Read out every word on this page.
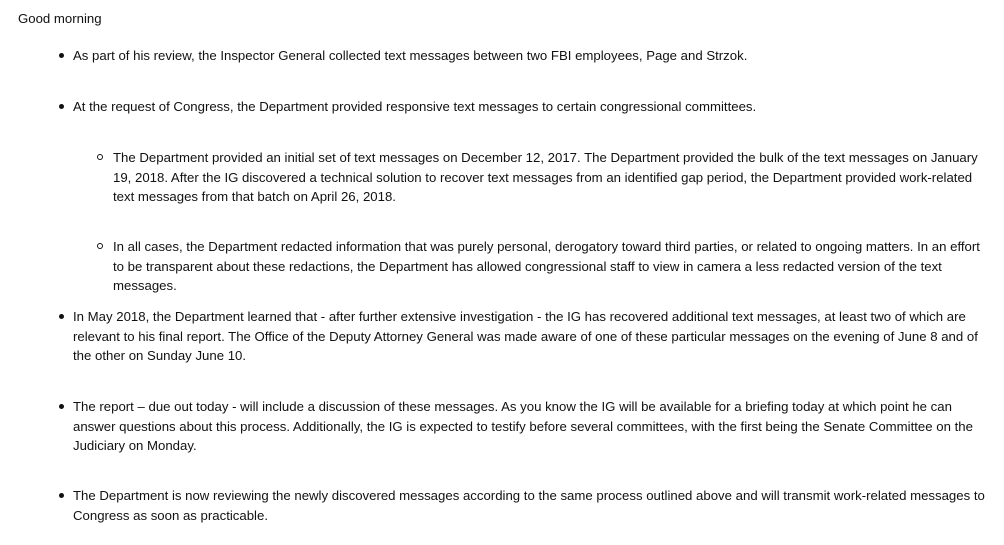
Good morning

As part of his review, the Inspector General collected text messages between two FBI employees, Page and Strzok.

At the request of Congress, the Department provided responsive text messages to certain congressional committees.

The Department provided an initial set of text messages on December 12, 2017. The Department provided the bulk of the text messages on January 19, 2018. After the IG discovered a technical solution to recover text messages from an identified gap period, the Department provided work-related text messages from that batch on April 26, 2018.

In all cases, the Department redacted information that was purely personal, derogatory toward third parties, or related to ongoing matters. In an effort to be transparent about these redactions, the Department has allowed congressional staff to view in camera a less redacted version of the text messages.

In May 2018, the Department learned that - after further extensive investigation - the IG has recovered additional text messages, at least two of which are relevant to his final report. The Office of the Deputy Attorney General was made aware of one of these particular messages on the evening of June 8 and of the other on Sunday June 10.

The report – due out today - will include a discussion of these messages. As you know the IG will be available for a briefing today at which point he can answer questions about this process. Additionally, the IG is expected to testify before several committees, with the first being the Senate Committee on the Judiciary on Monday.

The Department is now reviewing the newly discovered messages according to the same process outlined above and will transmit work-related messages to Congress as soon as practicable.
